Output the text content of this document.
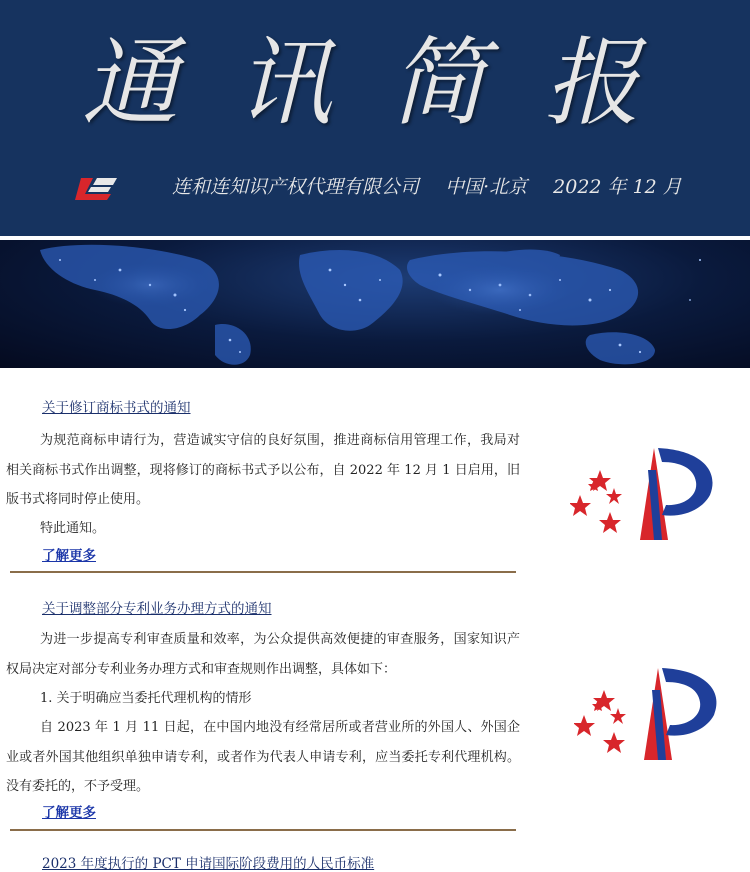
通讯简报
连和连知识产权代理有限公司 中国·北京 2022 年 12 月
关于修订商标书式的通知
为规范商标申请行为，营造诚实守信的良好氛围，推进商标信用管理工作，我局对相关商标书式作出调整，现将修订的商标书式予以公布，自 2022 年 12 月 1 日启用，旧版书式将同时停止使用。
特此通知。
了解更多
关于调整部分专利业务办理方式的通知
为进一步提高专利审查质量和效率，为公众提供高效便捷的审查服务，国家知识产权局决定对部分专利业务办理方式和审查规则作出调整，具体如下：
1. 关于明确应当委托代理机构的情形
自 2023 年 1 月 11 日起，在中国内地没有经常居所或者营业所的外国人、外国企业或者外国其他组织单独申请专利，或者作为代表人申请专利，应当委托专利代理机构。没有委托的，不予受理。
了解更多
2023 年度执行的 PCT 申请国际阶段费用的人民币标准
